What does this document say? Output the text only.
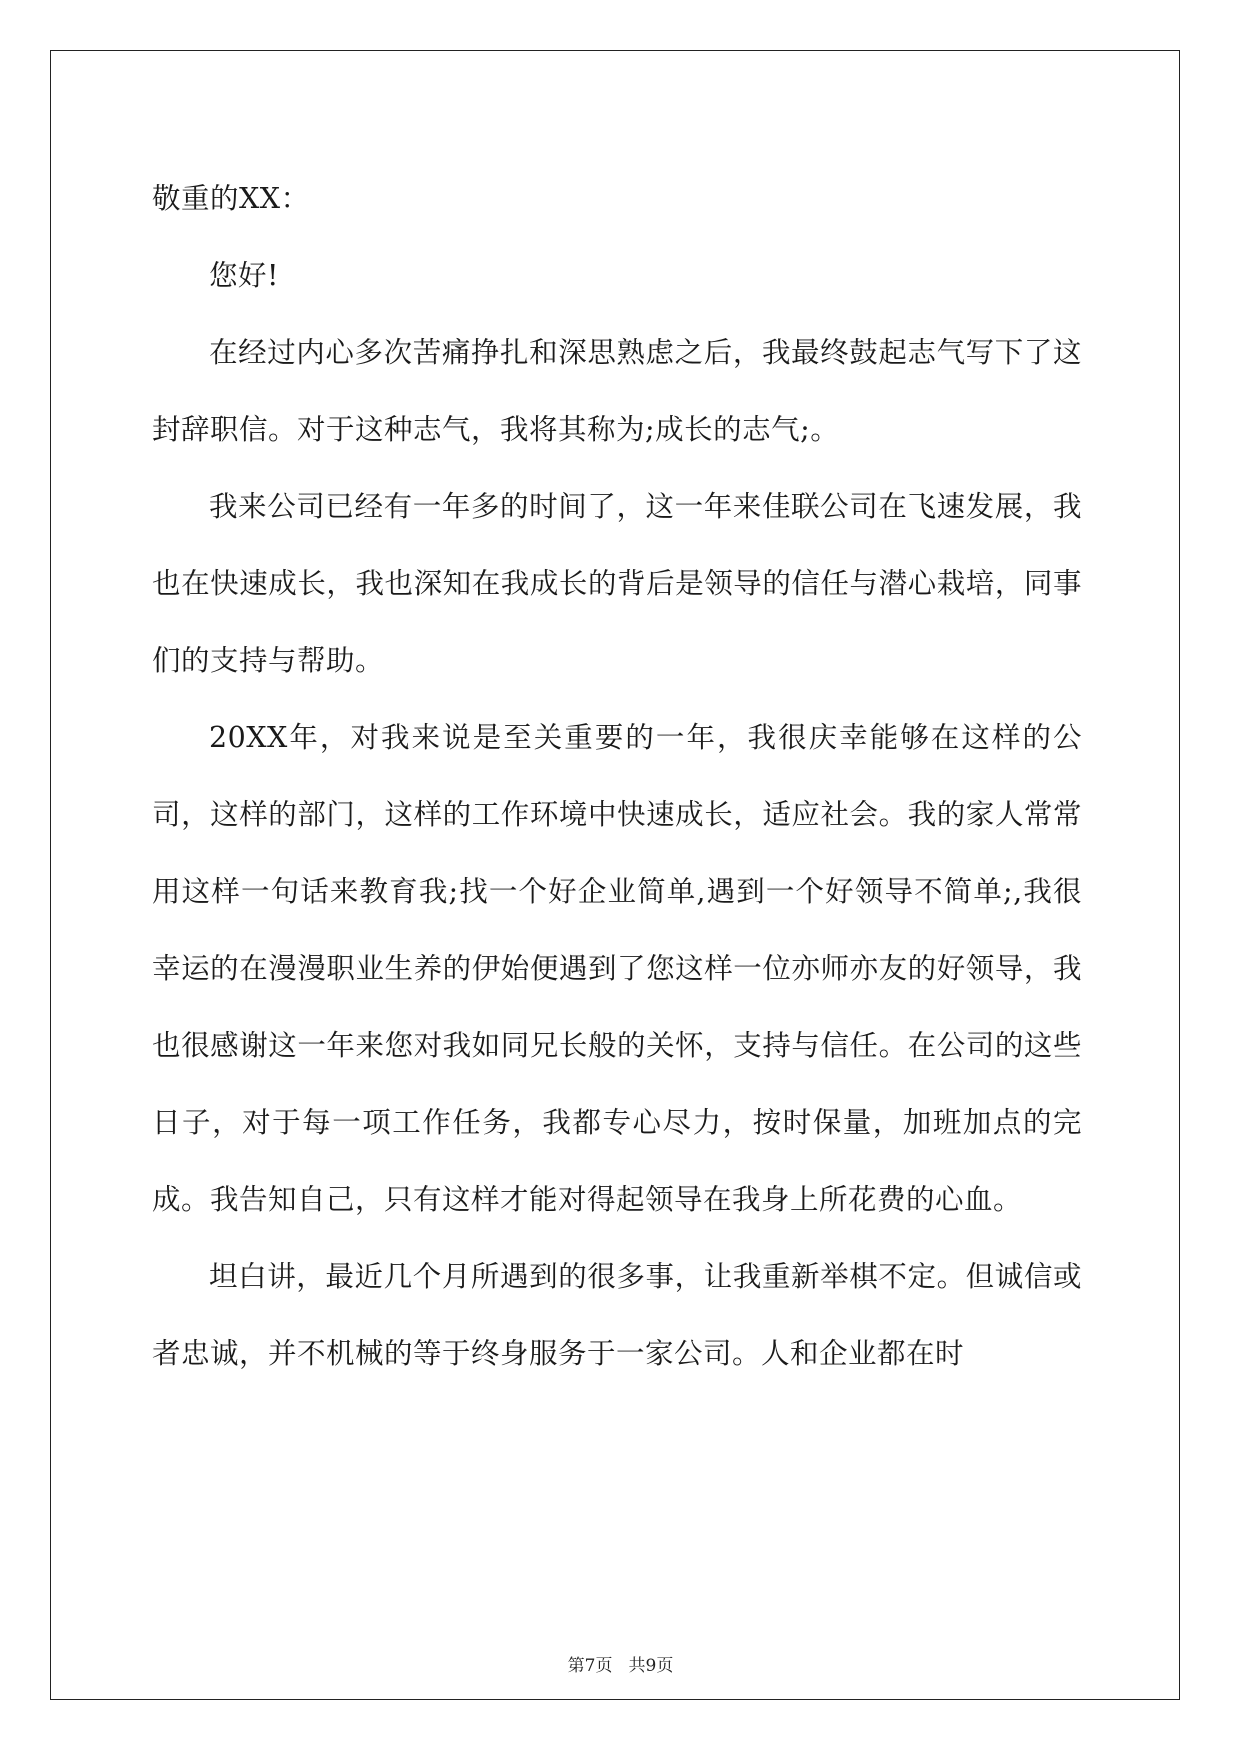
敬重的XX：

您好!

在经过内心多次苦痛挣扎和深思熟虑之后，我最终鼓起志气写下了这封辞职信。对于这种志气，我将其称为;成长的志气;。

我来公司已经有一年多的时间了，这一年来佳联公司在飞速发展，我也在快速成长，我也深知在我成长的背后是领导的信任与潜心栽培，同事们的支持与帮助。

20XX年，对我来说是至关重要的一年，我很庆幸能够在这样的公司，这样的部门，这样的工作环境中快速成长，适应社会。我的家人常常用这样一句话来教育我;找一个好企业简单,遇到一个好领导不简单;,我很幸运的在漫漫职业生养的伊始便遇到了您这样一位亦师亦友的好领导，我也很感谢这一年来您对我如同兄长般的关怀，支持与信任。在公司的这些日子，对于每一项工作任务，我都专心尽力，按时保量，加班加点的完成。我告知自己，只有这样才能对得起领导在我身上所花费的心血。

坦白讲，最近几个月所遇到的很多事，让我重新举棋不定。但诚信或者忠诚，并不机械的等于终身服务于一家公司。人和企业都在时

第7页 共9页
